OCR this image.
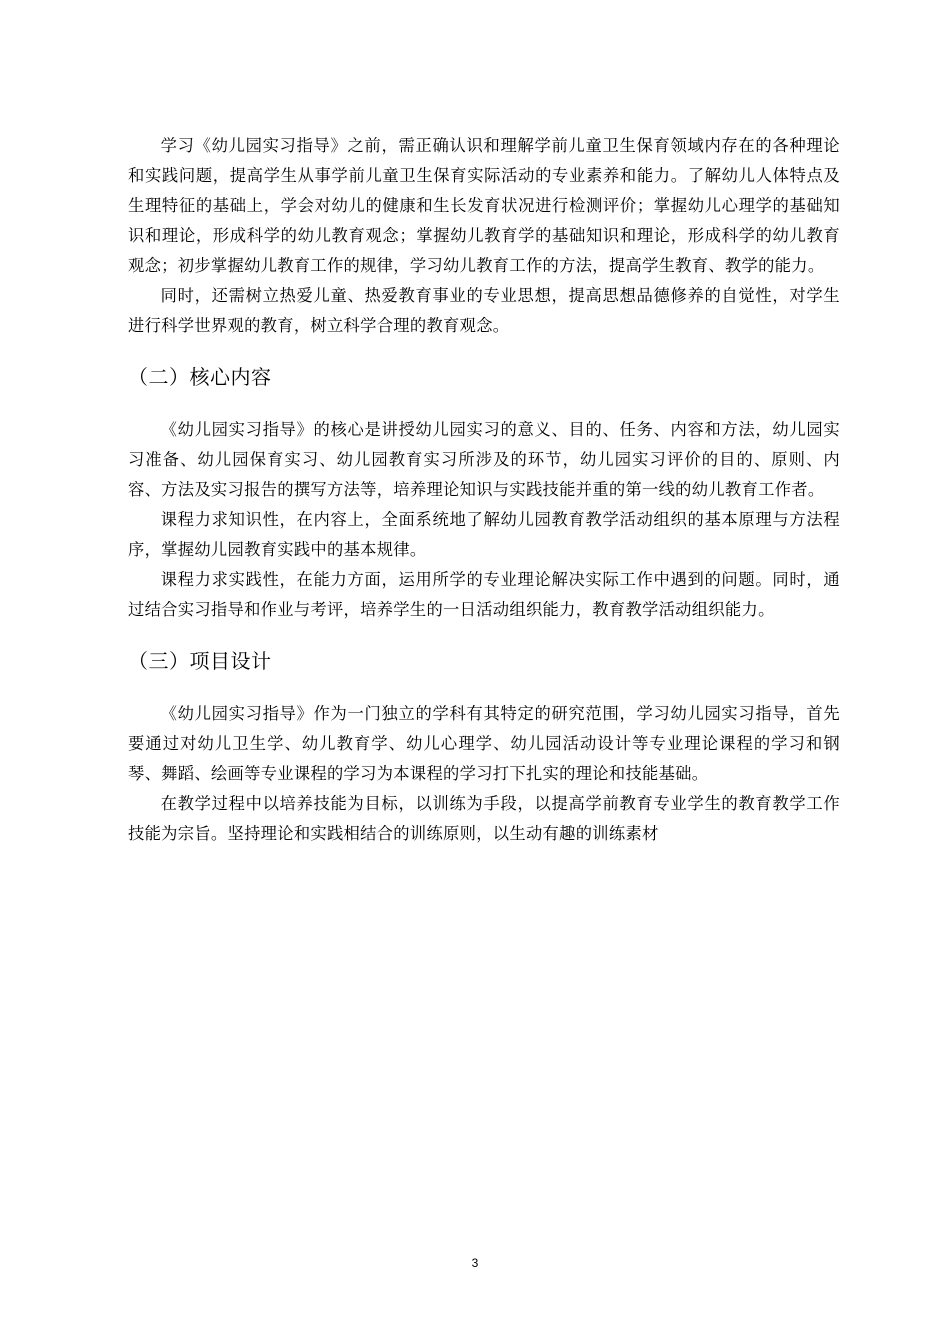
学习《幼儿园实习指导》之前，需正确认识和理解学前儿童卫生保育领域内存在的各种理论和实践问题，提高学生从事学前儿童卫生保育实际活动的专业素养和能力。了解幼儿人体特点及生理特征的基础上，学会对幼儿的健康和生长发育状况进行检测评价；掌握幼儿心理学的基础知识和理论，形成科学的幼儿教育观念；掌握幼儿教育学的基础知识和理论，形成科学的幼儿教育观念；初步掌握幼儿教育工作的规律，学习幼儿教育工作的方法，提高学生教育、教学的能力。

同时，还需树立热爱儿童、热爱教育事业的专业思想，提高思想品德修养的自觉性，对学生进行科学世界观的教育，树立科学合理的教育观念。

（二）核心内容

《幼儿园实习指导》的核心是讲授幼儿园实习的意义、目的、任务、内容和方法，幼儿园实习准备、幼儿园保育实习、幼儿园教育实习所涉及的环节，幼儿园实习评价的目的、原则、内容、方法及实习报告的撰写方法等，培养理论知识与实践技能并重的第一线的幼儿教育工作者。

课程力求知识性，在内容上，全面系统地了解幼儿园教育教学活动组织的基本原理与方法程序，掌握幼儿园教育实践中的基本规律。

课程力求实践性，在能力方面，运用所学的专业理论解决实际工作中遇到的问题。同时，通过结合实习指导和作业与考评，培养学生的一日活动组织能力，教育教学活动组织能力。

（三）项目设计

《幼儿园实习指导》作为一门独立的学科有其特定的研究范围，学习幼儿园实习指导，首先要通过对幼儿卫生学、幼儿教育学、幼儿心理学、幼儿园活动设计等专业理论课程的学习和钢琴、舞蹈、绘画等专业课程的学习为本课程的学习打下扎实的理论和技能基础。

在教学过程中以培养技能为目标，以训练为手段，以提高学前教育专业学生的教育教学工作技能为宗旨。坚持理论和实践相结合的训练原则，以生动有趣的训练素材

3
